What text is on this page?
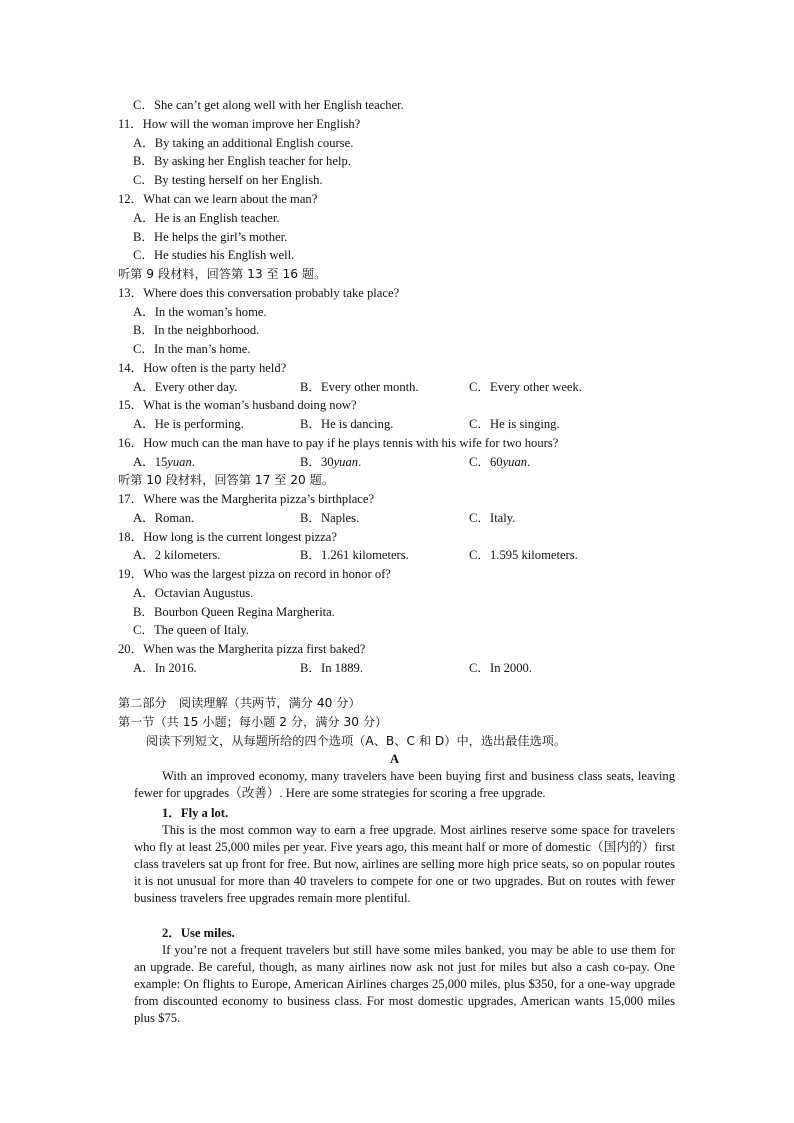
C．She can’t get along well with her English teacher.
11．How will the woman improve her English?
A．By taking an additional English course.
B．By asking her English teacher for help.
C．By testing herself on her English.
12．What can we learn about the man?
A．He is an English teacher.
B．He helps the girl’s mother.
C．He studies his English well.
听第 9 段材料，回答第 13 至 16 题。
13．Where does this conversation probably take place?
A．In the woman’s home.
B．In the neighborhood.
C．In the man’s home.
14．How often is the party held?
A．Every other day.	B．Every other month.	C．Every other week.
15．What is the woman’s husband doing now?
A．He is performing.	B．He is dancing.	C．He is singing.
16．How much can the man have to pay if he plays tennis with his wife for two hours?
A．15yuan.	B．30yuan.	C．60yuan.
听第 10 段材料，回答第 17 至 20 题。
17．Where was the Margherita pizza’s birthplace?
A．Roman.	B．Naples.	C．Italy.
18．How long is the current longest pizza?
A．2 kilometers.	B．1.261 kilometers.	C．1.595 kilometers.
19．Who was the largest pizza on record in honor of?
A．Octavian Augustus.
B．Bourbon Queen Regina Margherita.
C．The queen of Italy.
20．When was the Margherita pizza first baked?
A．In 2016.	B．In 1889.	C．In 2000.
第二部分　阅读理解（共两节，满分 40 分）
第一节（共 15 小题；每小题 2 分，满分 30 分）
阅读下列短文，从每题所给的四个选项（A、B、C 和 D）中，选出最佳选项。
A
With an improved economy, many travelers have been buying first and business class seats, leaving fewer for upgrades（改善）. Here are some strategies for scoring a free upgrade.
1．Fly a lot.
This is the most common way to earn a free upgrade. Most airlines reserve some space for travelers who fly at least 25,000 miles per year. Five years ago, this meant half or more of domestic（国内的）first class travelers sat up front for free. But now, airlines are selling more high price seats, so on popular routes it is not unusual for more than 40 travelers to compete for one or two upgrades. But on routes with fewer business travelers free upgrades remain more plentiful.
2．Use miles.
If you’re not a frequent travelers but still have some miles banked, you may be able to use them for an upgrade. Be careful, though, as many airlines now ask not just for miles but also a cash co-pay. One example: On flights to Europe, American Airlines charges 25,000 miles, plus $350, for a one-way upgrade from discounted economy to business class. For most domestic upgrades, American wants 15,000 miles plus $75.
